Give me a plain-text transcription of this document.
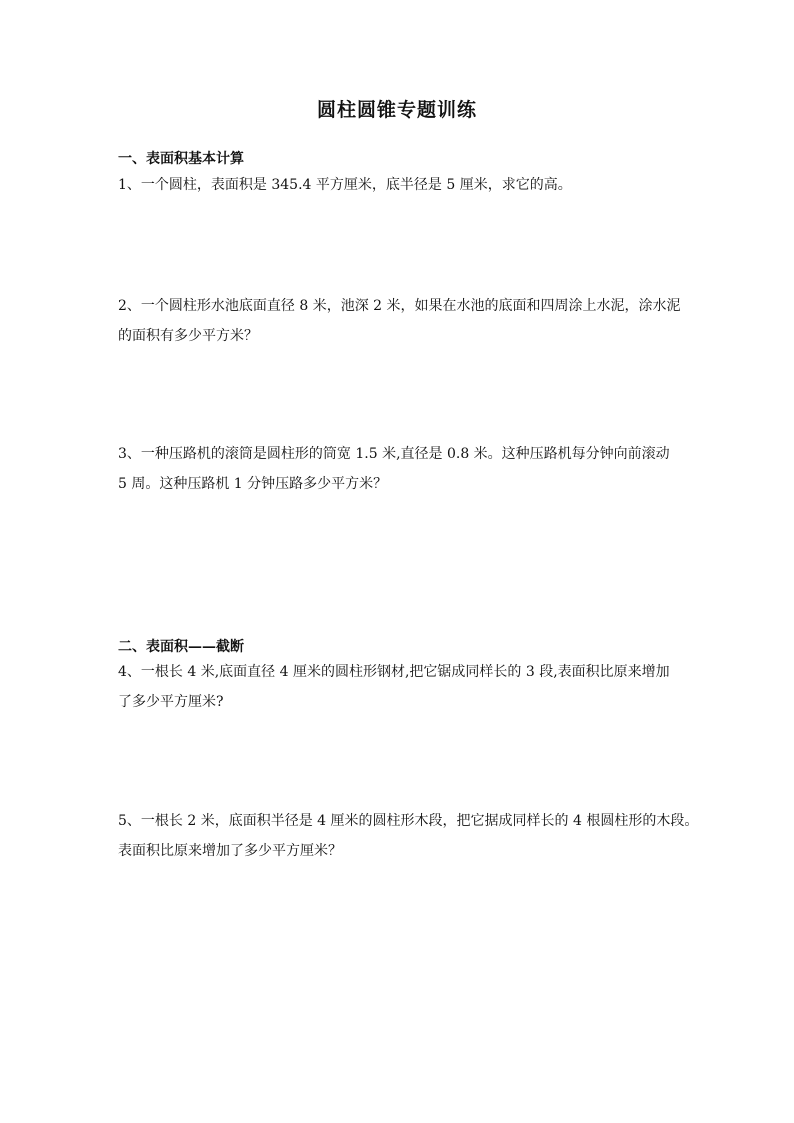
圆柱圆锥专题训练
一、表面积基本计算
1、一个圆柱，表面积是 345.4 平方厘米，底半径是 5 厘米，求它的高。
2、一个圆柱形水池底面直径 8 米，池深 2 米，如果在水池的底面和四周涂上水泥，涂水泥
的面积有多少平方米？
3、一种压路机的滚筒是圆柱形的筒宽 1.5 米,直径是 0.8 米。这种压路机每分钟向前滚动
5 周。这种压路机 1 分钟压路多少平方米？
二、表面积——截断
4、一根长 4 米,底面直径 4 厘米的圆柱形钢材,把它锯成同样长的 3 段,表面积比原来增加
了多少平方厘米?
5、一根长 2 米，底面积半径是 4 厘米的圆柱形木段，把它据成同样长的 4 根圆柱形的木段。
表面积比原来增加了多少平方厘米？
